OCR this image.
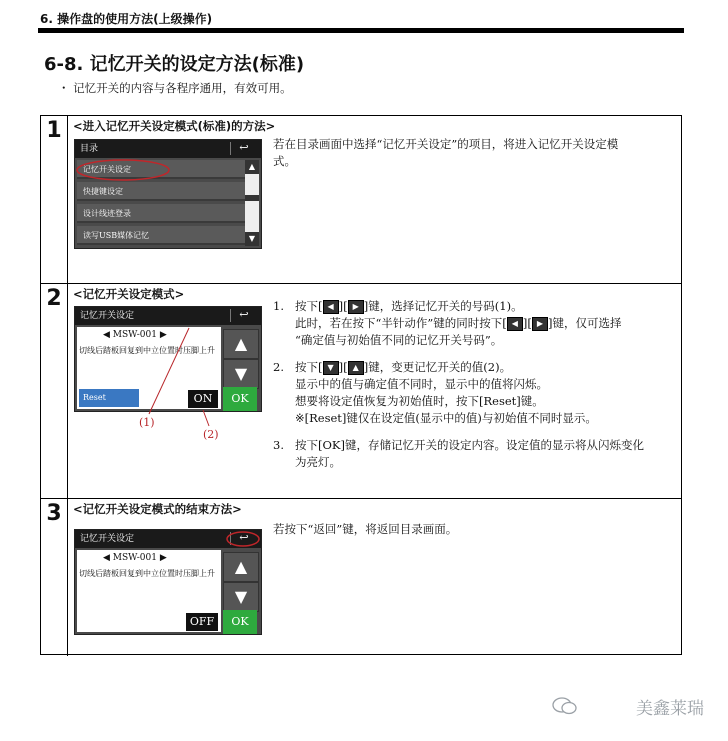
6. 操作盘的使用方法(上级操作)
6-8. 记忆开关的设定方法(标准)
・ 记忆开关的内容与各程序通用，有效可用。
1 <进入记忆开关设定模式(标准)的方法>
目录	↩
记忆开关设定
快捷键设定
设计线迹登录
读写USB媒体记忆
▲
▼
若在目录画面中选择“记忆开关设定”的项目，将进入记忆开关设定模
式。
2 <记忆开关设定模式>
记忆开关设定	↩
◀ MSW-001 ▶
切线后踏板回复到中立位置时压脚上升
Reset	ON
▲
▼
OK
(1)
(2)
1. 按下[ ◀ ][ ▶ ]键，选择记忆开关的号码(1)。
此时，若在按下“半针动作”键的同时按下[ ◀ ][ ▶ ]键，仅可选择
“确定值与初始值不同的记忆开关号码”。
2. 按下[ ▼ ][ ▲ ]键，变更记忆开关的值(2)。
显示中的值与确定值不同时，显示中的值将闪烁。
想要将设定值恢复为初始值时，按下[Reset]键。
※[Reset]键仅在设定值(显示中的值)与初始值不同时显示。
3. 按下[OK]键，存储记忆开关的设定内容。设定值的显示将从闪烁变化
为亮灯。
3 <记忆开关设定模式的结束方法>
记忆开关设定	↩
◀ MSW-001 ▶
切线后踏板回复到中立位置时压脚上升
OFF
▲
▼
OK
若按下“返回”键，将返回目录画面。
美鑫莱瑞
